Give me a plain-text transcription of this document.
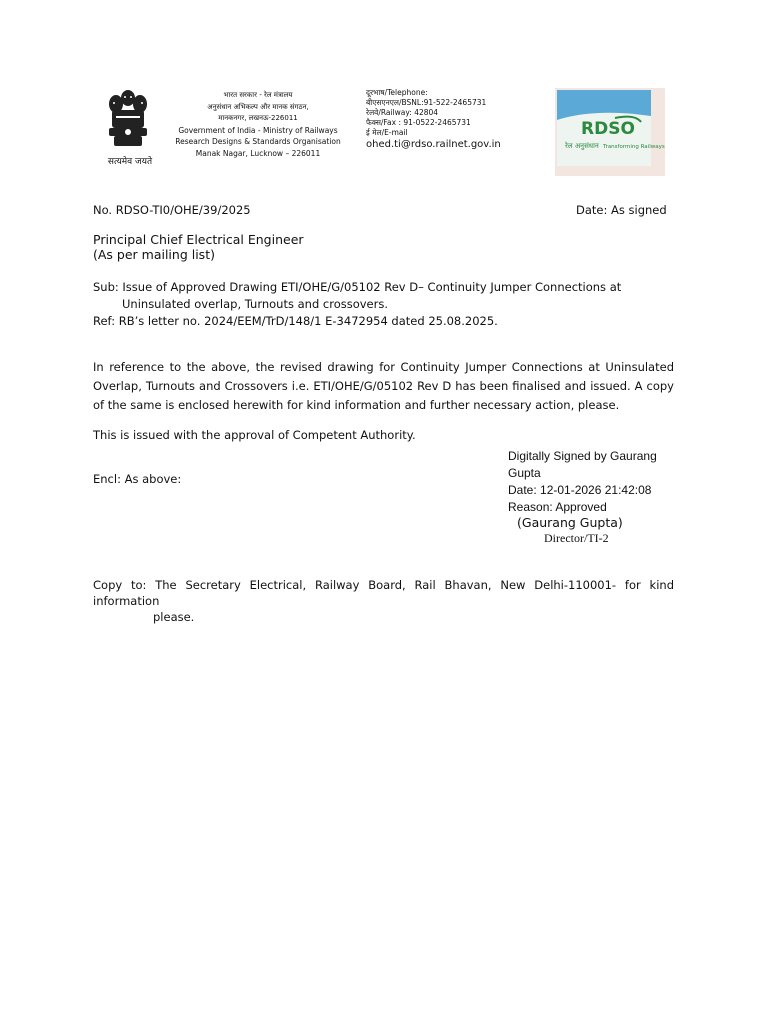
सत्यमेव जयते
भारत सरकार - रेल मंत्रालय
अनुसंधान अभिकल्प और मानक संगठन,
मानकनगर, लखनऊ-226011
Government of India - Ministry of Railways
Research Designs & Standards Organisation
Manak Nagar, Lucknow – 226011
दूरभाष/Telephone:
बीएसएनएल/BSNL:91-522-2465731
रेलवे/Railway: 42804
फैक्स/Fax : 91-0522-2465731
ई मेल/E-mail
ohed.ti@rdso.railnet.gov.in
RDSO
रेल अनुसंधान Transforming Railways
No. RDSO-TI0/OHE/39/2025	Date: As signed
Principal Chief Electrical Engineer
(As per mailing list)
Sub: Issue of Approved Drawing ETI/OHE/G/05102 Rev D– Continuity Jumper Connections at
Uninsulated overlap, Turnouts and crossovers.
Ref: RB’s letter no. 2024/EEM/TrD/148/1 E-3472954 dated 25.08.2025.
In reference to the above, the revised drawing for Continuity Jumper Connections at Uninsulated Overlap, Turnouts and Crossovers i.e. ETI/OHE/G/05102 Rev D has been finalised and issued. A copy of the same is enclosed herewith for kind information and further necessary action, please.
This is issued with the approval of Competent Authority.
Encl: As above:
Digitally Signed by Gaurang
Gupta
Date: 12-01-2026 21:42:08
Reason: Approved
(Gaurang Gupta)
Director/TI-2
Copy to: The Secretary Electrical, Railway Board, Rail Bhavan, New Delhi-110001- for kind information
please.
